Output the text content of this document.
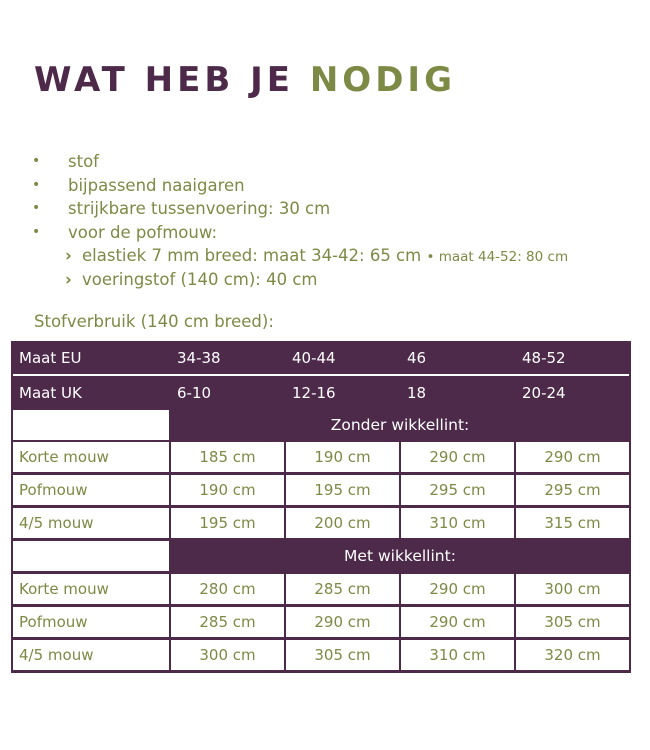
WAT HEB JE NODIG
• stof
• bijpassend naaigaren
• strijkbare tussenvoering: 30 cm
• voor de pofmouw:
› elastiek 7 mm breed: maat 34-42: 65 cm • maat 44-52: 80 cm
› voeringstof (140 cm): 40 cm
Stofverbruik (140 cm breed):
Maat EU	34-38	40-44	46	48-52
Maat UK	6-10	12-16	18	20-24
Zonder wikkellint:
Korte mouw	185 cm	190 cm	290 cm	290 cm
Pofmouw	190 cm	195 cm	295 cm	295 cm
4/5 mouw	195 cm	200 cm	310 cm	315 cm
Met wikkellint:
Korte mouw	280 cm	285 cm	290 cm	300 cm
Pofmouw	285 cm	290 cm	290 cm	305 cm
4/5 mouw	300 cm	305 cm	310 cm	320 cm
